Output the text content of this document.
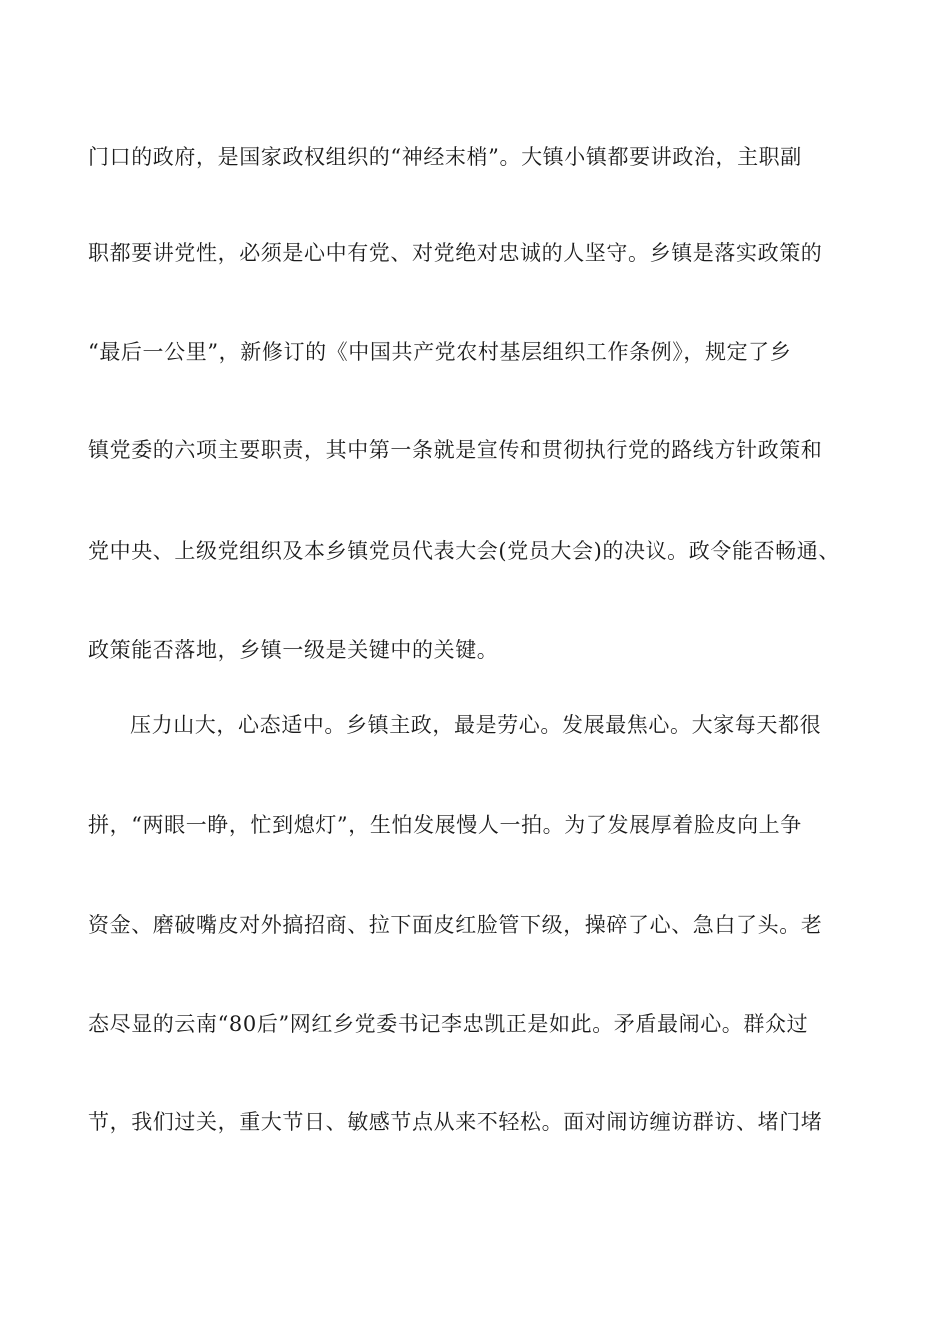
门口的政府，是国家政权组织的“神经末梢”。大镇小镇都要讲政治，主职副
职都要讲党性，必须是心中有党、对党绝对忠诚的人坚守。乡镇是落实政策的
“最后一公里”，新修订的《中国共产党农村基层组织工作条例》，规定了乡
镇党委的六项主要职责，其中第一条就是宣传和贯彻执行党的路线方针政策和
党中央、上级党组织及本乡镇党员代表大会(党员大会)的决议。政令能否畅通、
政策能否落地，乡镇一级是关键中的关键。
压力山大，心态适中。乡镇主政，最是劳心。发展最焦心。大家每天都很
拼，“两眼一睁，忙到熄灯”，生怕发展慢人一拍。为了发展厚着脸皮向上争
资金、磨破嘴皮对外搞招商、拉下面皮红脸管下级，操碎了心、急白了头。老
态尽显的云南“80后”网红乡党委书记李忠凯正是如此。矛盾最闹心。群众过
节，我们过关，重大节日、敏感节点从来不轻松。面对闹访缠访群访、堵门堵
